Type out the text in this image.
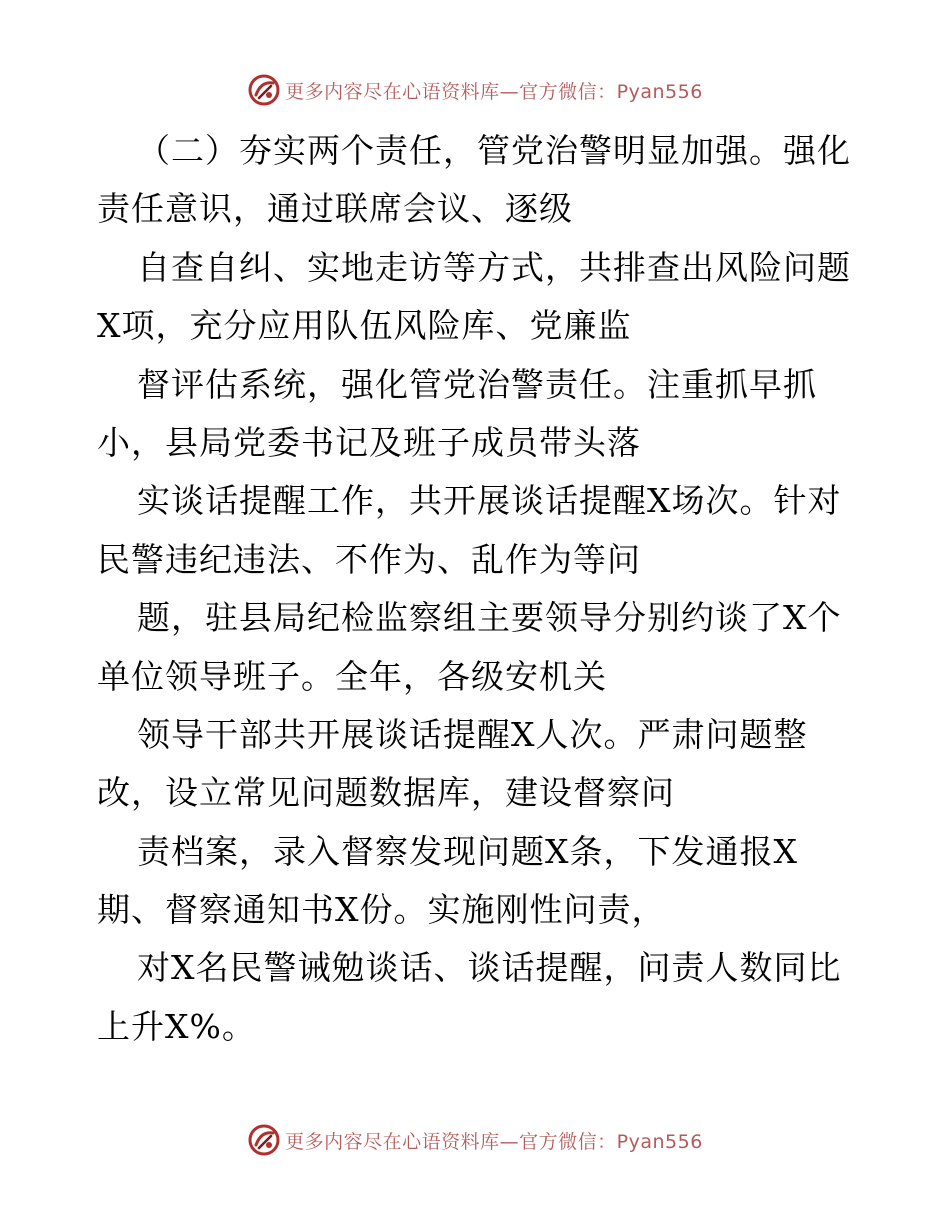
更多内容尽在心语资料库—官方微信：Pyan556
（二）夯实两个责任，管党治警明显加强。强化
责任意识，通过联席会议、逐级
自查自纠、实地走访等方式，共排查出风险问题
X项，充分应用队伍风险库、党廉监
督评估系统，强化管党治警责任。注重抓早抓
小，县局党委书记及班子成员带头落
实谈话提醒工作，共开展谈话提醒X场次。针对
民警违纪违法、不作为、乱作为等问
题，驻县局纪检监察组主要领导分别约谈了X个
单位领导班子。全年，各级安机关
领导干部共开展谈话提醒X人次。严肃问题整
改，设立常见问题数据库，建设督察问
责档案，录入督察发现问题X条，下发通报X
期、督察通知书X份。实施刚性问责，
对X名民警诫勉谈话、谈话提醒，问责人数同比
上升X%。
更多内容尽在心语资料库—官方微信：Pyan556
